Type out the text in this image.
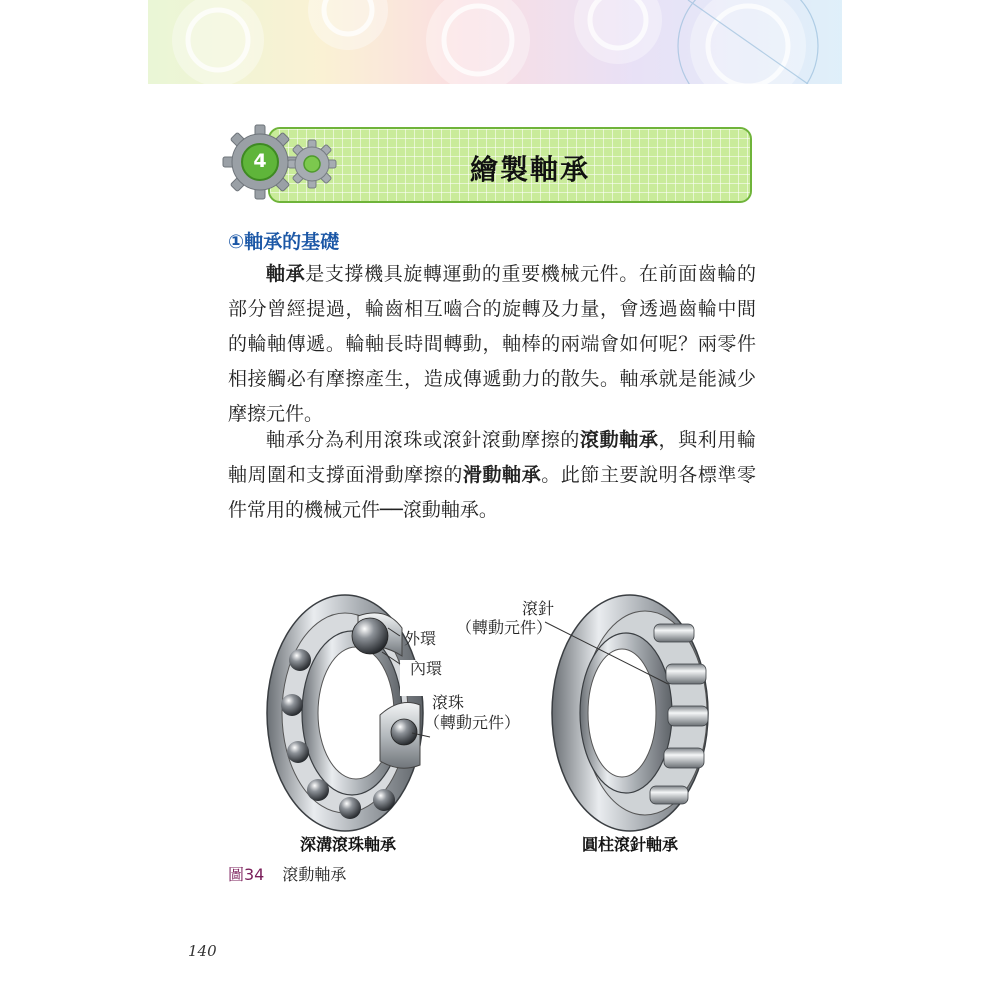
繪製軸承
4
①軸承的基礎

軸承是支撐機具旋轉運動的重要機械元件。在前面齒輪的部分曾經提過，輪齒相互嚙合的旋轉及力量，會透過齒輪中間的輪軸傳遞。輪軸長時間轉動，軸棒的兩端會如何呢？兩零件相接觸必有摩擦產生，造成傳遞動力的散失。軸承就是能減少摩擦元件。

軸承分為利用滾珠或滾針滾動摩擦的滾動軸承，與利用輪軸周圍和支撐面滑動摩擦的滑動軸承。此節主要說明各標準零件常用的機械元件──滾動軸承。

外環
內環
滾珠
（轉動元件）
滾針
（轉動元件）
深溝滾珠軸承	圓柱滾針軸承
圖34 滾動軸承
140
